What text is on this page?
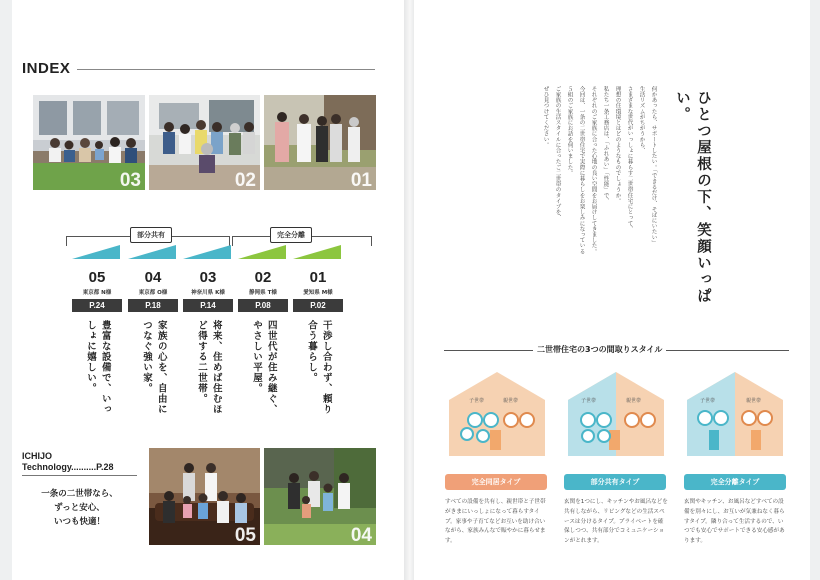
INDEX
03	02	01
部分共有	完全分離
05
東京都 N様
P.24
豊富な設備で、いっしょに嬉しい。
04
東京都 O様
P.18
家族の心を、自由につなぐ強い家。
03
神奈川県 K様
P.14
将来、住めば住むほど得する二世帯。
02
静岡県 T様
P.08
四世代が住み継ぐ、やさしい平屋。
01
愛知県 M様
P.02
干渉し合わず、頼り合う暮らし。
ICHIJO
Technology..........P.28
一条の二世帯なら、
ずっと安心、
いつも快適！
05	04
ひとつ屋根の下、笑顔いっぱい。
何かあったら、サポートしたい。「できるだけ、そばにいたい」
生活リズムがちがうから、
さまざまな世代がいっしょに暮らす二世帯住宅にとって、
理想の住環境とはどのようなものでしょうか。
私たち一条工務店は、「ふれあい」「性能」で、
それぞれのご家族に合った心地の良い空間をお届けしてきました。
今回は、一条の二世帯住宅で実際に暮らしをお楽しみになっている
５組のご家族にお話を伺いました。
ご家族の生活スタイルに合ったご二世帯のタイプを、
ぜひ見つけてください。
二世帯住宅の3つの間取りスタイル
子世帯	親世帯	子世帯	親世帯	子世帯	親世帯
完全同居タイプ	部分共有タイプ	完全分離タイプ
すべての設備を共有し、親世帯と子世帯がきまにいっしょになって暮らすタイプ。家事や子育てなどお互いを助け合いながら、家族みんなで賑やかに暮らせます。
玄関を1つにし、キッチンやお風呂などを共有しながら、リビングなどの生活スペースは分けるタイプ。プライベートを確保しつつ、共有部分でコミュニケーションがとれます。
玄関やキッチン、お風呂などすべての設備を別々にし、お互いが気兼ねなく暮らすタイプ。隣り合って生活するので、いつでも安心でサポートできる安心感があります。
